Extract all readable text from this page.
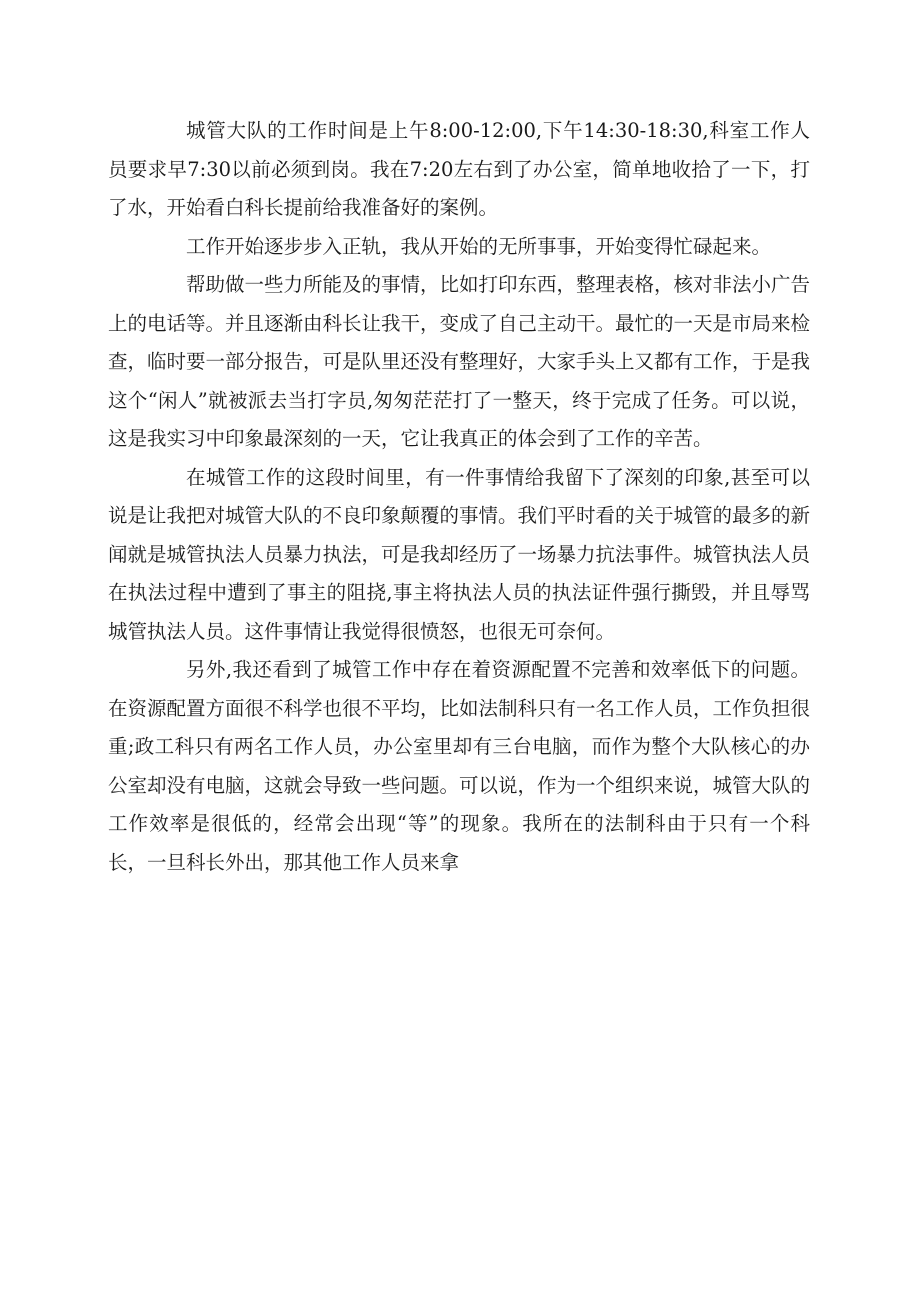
城管大队的工作时间是上午8:00-12:00,下午14:30-18:30,科室工作人员要求早7:30以前必须到岗。我在7:20左右到了办公室，简单地收拾了一下，打了水，开始看白科长提前给我准备好的案例。

工作开始逐步步入正轨，我从开始的无所事事，开始变得忙碌起来。

帮助做一些力所能及的事情，比如打印东西，整理表格，核对非法小广告上的电话等。并且逐渐由科长让我干，变成了自己主动干。最忙的一天是市局来检查，临时要一部分报告，可是队里还没有整理好，大家手头上又都有工作，于是我这个“闲人”就被派去当打字员,匆匆茫茫打了一整天，终于完成了任务。可以说，这是我实习中印象最深刻的一天，它让我真正的体会到了工作的辛苦。

在城管工作的这段时间里，有一件事情给我留下了深刻的印象,甚至可以说是让我把对城管大队的不良印象颠覆的事情。我们平时看的关于城管的最多的新闻就是城管执法人员暴力执法，可是我却经历了一场暴力抗法事件。城管执法人员在执法过程中遭到了事主的阻挠,事主将执法人员的执法证件强行撕毁，并且辱骂城管执法人员。这件事情让我觉得很愤怒，也很无可奈何。

另外,我还看到了城管工作中存在着资源配置不完善和效率低下的问题。在资源配置方面很不科学也很不平均，比如法制科只有一名工作人员，工作负担很重;政工科只有两名工作人员，办公室里却有三台电脑，而作为整个大队核心的办公室却没有电脑，这就会导致一些问题。可以说，作为一个组织来说，城管大队的工作效率是很低的，经常会出现“等”的现象。我所在的法制科由于只有一个科长，一旦科长外出，那其他工作人员来拿
